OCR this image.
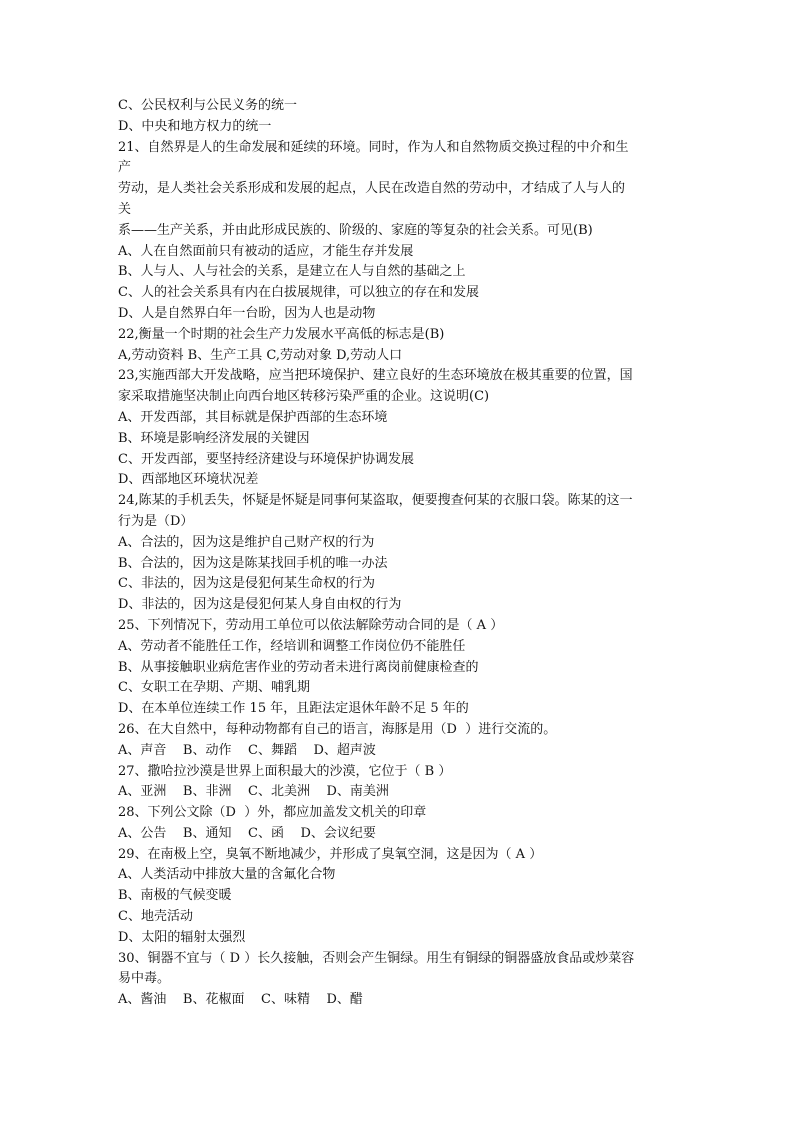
C、公民权利与公民义务的统一
D、中央和地方权力的统一
21、自然界是人的生命发展和延续的环境。同时，作为人和自然物质交换过程的中介和生
产
劳动，是人类社会关系形成和发展的起点，人民在改造自然的劳动中，才结成了人与人的
关
系——生产关系，并由此形成民族的、阶级的、家庭的等复杂的社会关系。可见(B)
A、人在自然面前只有被动的适应，才能生存并发展
B、人与人、人与社会的关系，是建立在人与自然的基础之上
C、人的社会关系具有内在白拔展规律，可以独立的存在和发展
D、人是自然界白年一台昐，因为人也是动物
22,衡量一个时期的社会生产力发展水平高低的标志是(B)
A,劳动资料 B、生产工具 C,劳动对象 D,劳动人口
23,实施西部大开发战略，应当把环境保护、建立良好的生态环境放在极其重要的位置，国
家采取措施坚决制止向西台地区转移污染严重的企业。这说明(C)
A、开发西部，其目标就是保护西部的生态环境
B、环境是影响经济发展的关键因
C、开发西部，要坚持经济建设与环境保护协调发展
D、西部地区环境状况差
24,陈某的手机丢失，怀疑是怀疑是同事何某盗取，便要搜查何某的衣服口袋。陈某的这一
行为是（D）
A、合法的，因为这是维护自己财产权的行为
B、合法的，因为这是陈某找回手机的唯一办法
C、非法的，因为这是侵犯何某生命权的行为
D、非法的，因为这是侵犯何某人身自由权的行为
25、下列情况下，劳动用工单位可以依法解除劳动合同的是（ A ）
A、劳动者不能胜任工作，经培训和调整工作岗位仍不能胜任
B、从事接触职业病危害作业的劳动者未进行离岗前健康检查的
C、女职工在孕期、产期、哺乳期
D、在本单位连续工作 15 年，且距法定退休年龄不足 5 年的
26、在大自然中，每种动物都有自己的语言，海豚是用（D  ）进行交流的。
A、声音    B、动作    C、舞蹈    D、超声波
27、撒哈拉沙漠是世界上面积最大的沙漠，它位于（ B ）
A、亚洲    B、非洲    C、北美洲    D、南美洲
28、下列公文除（D  ）外，都应加盖发文机关的印章
A、公告    B、通知    C、函    D、会议纪要
29、在南极上空，臭氧不断地减少，并形成了臭氧空洞，这是因为（ A ）
A、人类活动中排放大量的含氟化合物
B、南极的气候变暖
C、地壳活动
D、太阳的辐射太强烈
30、铜器不宜与（ D ）长久接触，否则会产生铜绿。用生有铜绿的铜器盛放食品或炒菜容
易中毒。
A、酱油    B、花椒面    C、味精    D、醋
